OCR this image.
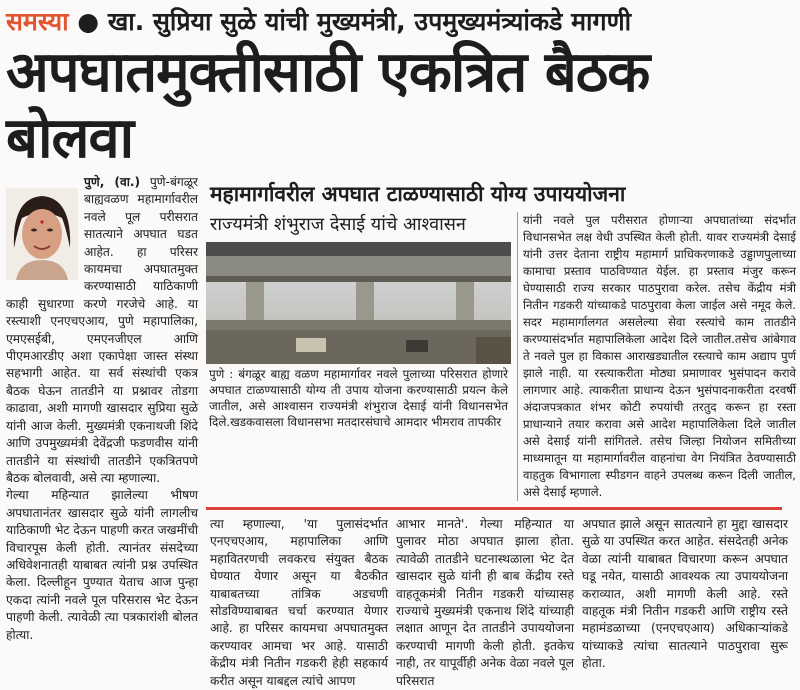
समस्या ● खा. सुप्रिया सुळे यांची मुख्यमंत्री, उपमुख्यमंत्र्यांकडे मागणी
अपघातमुक्तीसाठी एकत्रित बैठक बोलवा

पुणे, (वा.) पुणे-बंगळूर बाह्यवळण महामार्गावरील नवले पूल परीसरात सातत्याने अपघात घडत आहेत. हा परिसर कायमचा अपघातमुक्त करण्यासाठी याठिकाणी काही सुधारणा करणे गरजेचे आहे. या रस्त्याशी एनएचएआय, पुणे महापालिका, एमएसईबी, एमएनजीएल आणि पीएमआरडीए अशा एकापेक्षा जास्त संस्था सहभागी आहेत. या सर्व संस्थांची एकत्र बैठक घेऊन तातडीने या प्रश्नावर तोडगा काढावा, अशी मागणी खासदार सुप्रिया सुळे यांनी आज केली. मुख्यमंत्री एकनाथजी शिंदे आणि उपमुख्यमंत्री देवेंद्रजी फडणवीस यांनी तातडीने या संस्थांची तातडीने एकत्रितपणे बैठक बोलवावी, असे त्या म्हणाल्या.

गेल्या महिन्यात झालेल्या भीषण अपघातानंतर खासदार सुळे यांनी लागलीच याठिकाणी भेट देऊन पाहणी करत जखमींची विचारपूस केली होती. त्यानंतर संसदेच्या अधिवेशनातही याबाबत त्यांनी प्रश्न उपस्थित केला. दिल्लीहून पुण्यात येताच आज पुन्हा एकदा त्यांनी नवले पूल परिसरास भेट देऊन पाहणी केली. त्यावेळी त्या पत्रकारांशी बोलत होत्या.

महामार्गावरील अपघात टाळण्यासाठी योग्य उपाययोजना
राज्यमंत्री शंभुराज देसाई यांचे आश्वासन
पुणे : बंगळूर बाह्य वळण महामार्गावर नवले पुलाच्या परिसरात होणारे अपघात टाळण्यासाठी योग्य ती उपाय योजना करण्यासाठी प्रयत्न केले जातील, असे आश्वासन राज्यमंत्री शंभुराज देसाई यांनी विधानसभेत दिले.खडकवासला विधानसभा मतदारसंघाचे आमदार भीमराव तापकीर
यांनी नवले पुल परीसरात होणाऱ्या अपघातांच्या संदर्भात विधानसभेत लक्ष वेधी उपस्थित केली होती. यावर राज्यमंत्री देसाई यांनी उत्तर देताना राष्ट्रीय महामार्ग प्राधिकरणाकडे उड्डाणपुलाच्या कामाचा प्रस्ताव पाठविण्यात येईल. हा प्रस्ताव मंजुर करून घेण्यासाठी राज्य सरकार पाठपुरावा करेल. तसेच केंद्रीय मंत्री नितीन गडकरी यांच्याकडे पाठपुरावा केला जाईल असे नमूद केले. सदर महामार्गालगत असलेल्या सेवा रस्त्यांचे काम तातडीने करण्यासंदर्भात महापालिकेला आदेश दिले जातील.तसेच आंबेगाव ते नवले पुल हा विकास आराखड्यातील रस्त्याचे काम अद्याप पुर्ण झाले नाही. या रस्त्याकरीता मोठ्या प्रमाणावर भुसंपादन करावे लागणार आहे. त्याकरीता प्राधान्य देऊन भुसंपादनाकरीता दरवर्षी अंदाजपत्रकात शंभर कोटी रुपयांची तरतुद करून हा रस्ता प्राधान्याने तयार करावा असे आदेश महापालिकेला दिले जातील असे देसाई यांनी सांगितले. तसेच जिल्हा नियोजन समितीच्या माध्यमातून या महामार्गावरील वाहनांचा वेग नियंत्रित ठेवण्यासाठी वाहतुक विभागाला स्पीडगन वाहने उपलब्ध करून दिली जातील, असे देसाई म्हणाले.
त्या म्हणाल्या, 'या पुलासंदर्भात एनएचएआय, महापालिका आणि महावितरणची लवकरच संयुक्त बैठक घेण्यात येणार असून या बैठकीत याबाबतच्या तांत्रिक अडचणी सोडविण्याबाबत चर्चा करण्यात येणार आहे. हा परिसर कायमचा अपघातमुक्त करण्यावर आमचा भर आहे. यासाठी केंद्रीय मंत्री नितीन गडकरी हेही सहकार्य करीत असून याबद्दल त्यांचे आपण
आभार मानते'. गेल्या महिन्यात या पुलावर मोठा अपघात झाला होता. त्यावेळी तातडीने घटनास्थळाला भेट देत खासदार सुळे यांनी ही बाब केंद्रीय रस्ते वाहतूकमंत्री नितीन गडकरी यांच्यासह राज्याचे मुख्यमंत्री एकनाथ शिंदे यांच्याही लक्षात आणून देत तातडीने उपाययोजना करण्याची मागणी केली होती. इतकेच नाही, तर यापूर्वीही अनेक वेळा नवले पूल परिसरात
अपघात झाले असून सातत्याने हा मुद्दा खासदार सुळे या उपस्थित करत आहेत. संसदेतही अनेक वेळा त्यांनी याबाबत विचारणा करून अपघात घडू नयेत, यासाठी आवश्यक त्या उपाययोजना कराव्यात, अशी मागणी केली आहे. रस्ते वाहतूक मंत्री नितीन गडकरी आणि राष्ट्रीय रस्ते महामंडळाच्या (एनएचएआय) अधिकाऱ्यांकडे यांच्याकडे त्यांचा सातत्याने पाठपुरावा सुरू होता.
